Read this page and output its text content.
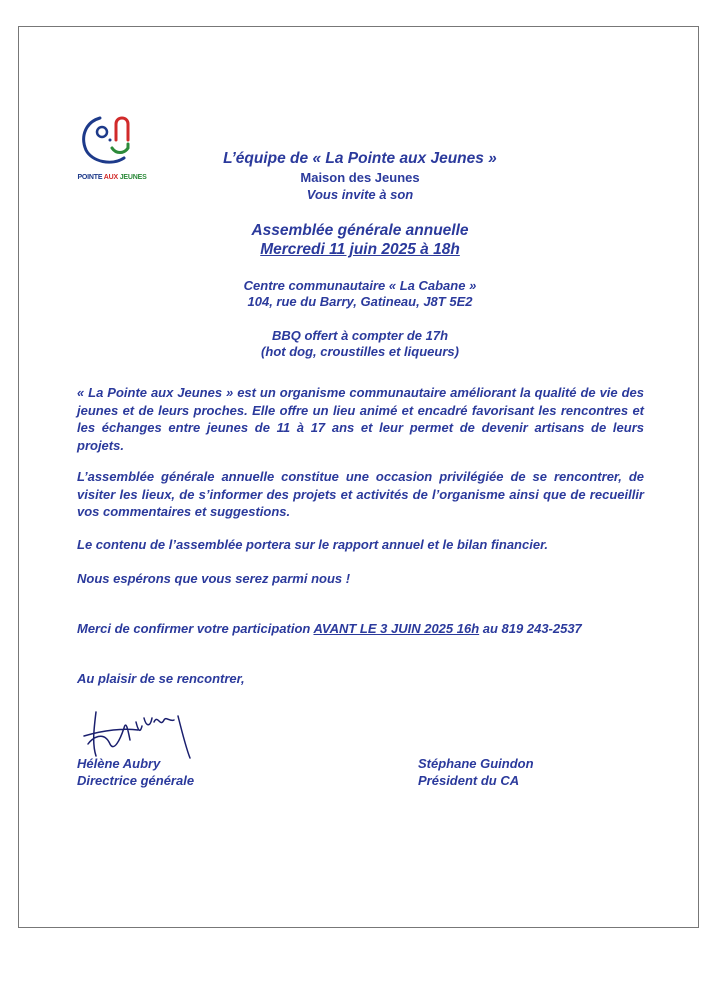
POINTE AUX JEUNES
L’équipe de « La Pointe aux Jeunes »
Maison des Jeunes
Vous invite à son
Assemblée générale annuelle
Mercredi 11 juin 2025 à 18h
Centre communautaire « La Cabane »
104, rue du Barry, Gatineau, J8T 5E2
BBQ offert à compter de 17h
(hot dog, croustilles et liqueurs)
« La Pointe aux Jeunes » est un organisme communautaire améliorant la qualité de vie des jeunes et de leurs proches. Elle offre un lieu animé et encadré favorisant les rencontres et les échanges entre jeunes de 11 à 17 ans et leur permet de devenir artisans de leurs projets.
L’assemblée générale annuelle constitue une occasion privilégiée de se rencontrer, de visiter les lieux, de s’informer des projets et activités de l’organisme ainsi que de recueillir vos commentaires et suggestions.
Le contenu de l’assemblée portera sur le rapport annuel et le bilan financier.
Nous espérons que vous serez parmi nous !
Merci de confirmer votre participation AVANT LE 3 JUIN 2025 16h au 819 243-2537
Au plaisir de se rencontrer,
Hélène Aubry
Directrice générale
Stéphane Guindon
Président du CA
